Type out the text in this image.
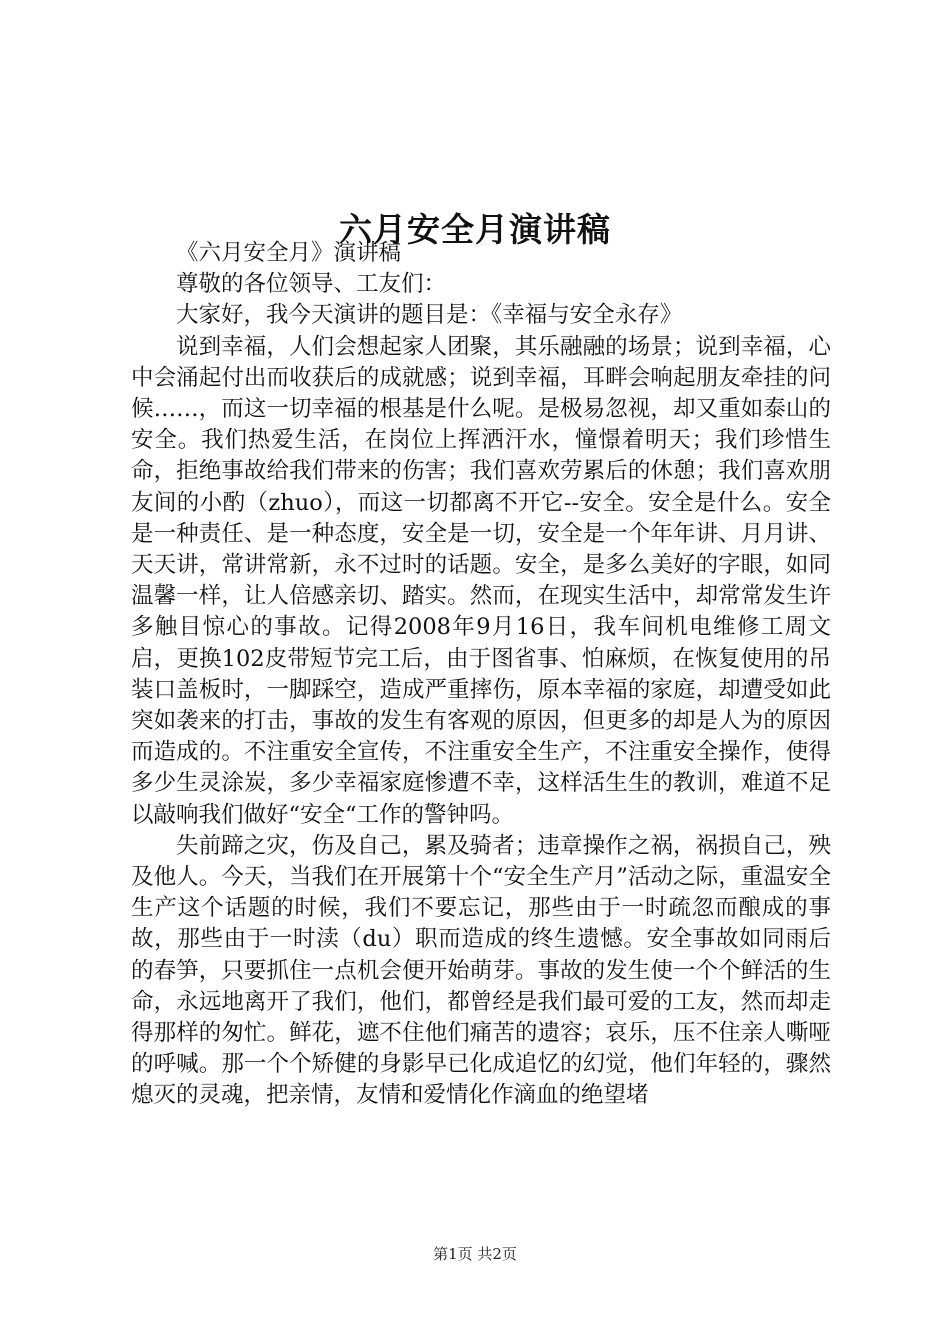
六月安全月演讲稿

《六月安全月》演讲稿

尊敬的各位领导、工友们：

大家好，我今天演讲的题目是：《幸福与安全永存》

说到幸福，人们会想起家人团聚，其乐融融的场景；说到幸福，心中会涌起付出而收获后的成就感；说到幸福，耳畔会响起朋友牵挂的问候……，而这一切幸福的根基是什么呢。是极易忽视，却又重如泰山的安全。我们热爱生活，在岗位上挥洒汗水，憧憬着明天；我们珍惜生命，拒绝事故给我们带来的伤害；我们喜欢劳累后的休憩；我们喜欢朋友间的小酌（zhuo），而这一切都离不开它--安全。安全是什么。安全是一种责任、是一种态度，安全是一切，安全是一个年年讲、月月讲、天天讲，常讲常新，永不过时的话题。安全，是多么美好的字眼，如同温馨一样，让人倍感亲切、踏实。然而，在现实生活中，却常常发生许多触目惊心的事故。记得2008年9月16日，我车间机电维修工周文启，更换102皮带短节完工后，由于图省事、怕麻烦，在恢复使用的吊装口盖板时，一脚踩空，造成严重摔伤，原本幸福的家庭，却遭受如此突如袭来的打击，事故的发生有客观的原因，但更多的却是人为的原因而造成的。不注重安全宣传，不注重安全生产，不注重安全操作，使得多少生灵涂炭，多少幸福家庭惨遭不幸，这样活生生的教训，难道不足以敲响我们做好“安全“工作的警钟吗。

失前蹄之灾，伤及自己，累及骑者；违章操作之祸，祸损自己，殃及他人。今天，当我们在开展第十个“安全生产月”活动之际，重温安全生产这个话题的时候，我们不要忘记，那些由于一时疏忽而酿成的事故，那些由于一时渎（du）职而造成的终生遗憾。安全事故如同雨后的春笋，只要抓住一点机会便开始萌芽。事故的发生使一个个鲜活的生命，永远地离开了我们，他们，都曾经是我们最可爱的工友，然而却走得那样的匆忙。鲜花，遮不住他们痛苦的遗容；哀乐，压不住亲人嘶哑的呼喊。那一个个矫健的身影早已化成追忆的幻觉，他们年轻的，骤然熄灭的灵魂，把亲情，友情和爱情化作滴血的绝望堵

第1页 共2页
